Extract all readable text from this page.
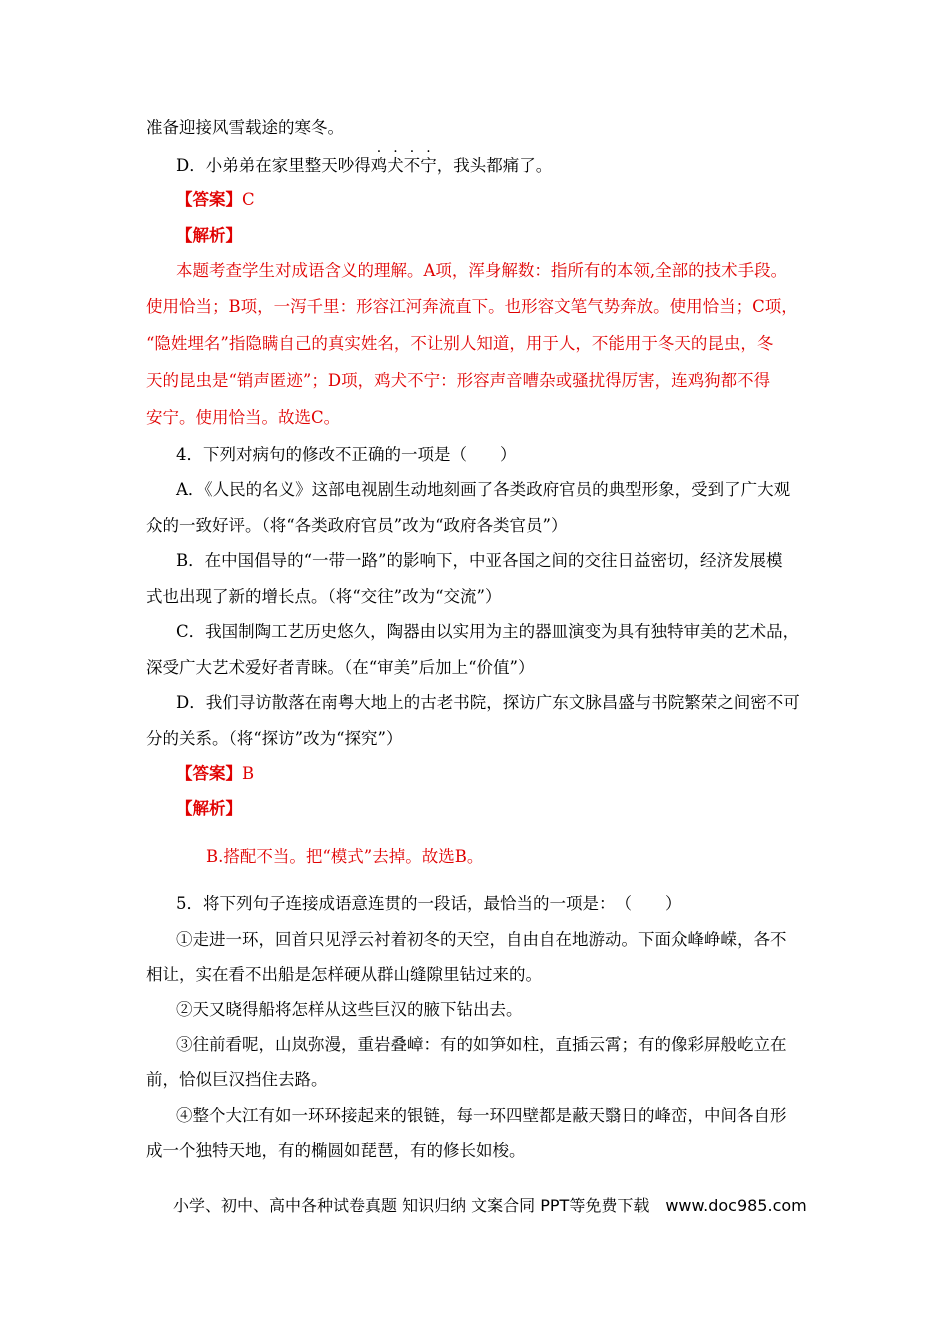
准备迎接风雪载途的寒冬。
D．小弟弟在家里整天吵得鸡犬不宁，我头都痛了。
【答案】C
【解析】
本题考查学生对成语含义的理解。A项，浑身解数：指所有的本领,全部的技术手段。
使用恰当；B项，一泻千里：形容江河奔流直下。也形容文笔气势奔放。使用恰当；C项，
“隐姓埋名”指隐瞒自己的真实姓名，不让别人知道，用于人，不能用于冬天的昆虫，冬
天的昆虫是“销声匿迹”；D项，鸡犬不宁：形容声音嘈杂或骚扰得厉害，连鸡狗都不得
安宁。使用恰当。故选C。
4．下列对病句的修改不正确的一项是（　　）
A．《人民的名义》这部电视剧生动地刻画了各类政府官员的典型形象，受到了广大观
众的一致好评。（将“各类政府官员”改为“政府各类官员”）
B．在中国倡导的“一带一路”的影响下，中亚各国之间的交往日益密切，经济发展模
式也出现了新的增长点。（将“交往”改为“交流”）
C．我国制陶工艺历史悠久，陶器由以实用为主的器皿演变为具有独特审美的艺术品，
深受广大艺术爱好者青睐。（在“审美”后加上“价值”）
D．我们寻访散落在南粤大地上的古老书院，探访广东文脉昌盛与书院繁荣之间密不可
分的关系。（将“探访”改为“探究”）
【答案】B
【解析】
B.搭配不当。把“模式”去掉。故选B。
5．将下列句子连接成语意连贯的一段话，最恰当的一项是：　（　　）
①走进一环，回首只见浮云衬着初冬的天空，自由自在地游动。下面众峰峥嵘，各不
相让，实在看不出船是怎样硬从群山缝隙里钻过来的。
②天又晓得船将怎样从这些巨汉的腋下钻出去。
③往前看呢，山岚弥漫，重岩叠嶂：有的如笋如柱，直插云霄；有的像彩屏般屹立在
前，恰似巨汉挡住去路。
④整个大江有如一环环接起来的银链，每一环四壁都是蔽天翳日的峰峦，中间各自形
成一个独特天地，有的椭圆如琵琶，有的修长如梭。
小学、初中、高中各种试卷真题 知识归纳 文案合同 PPT等免费下载　www.doc985.com
